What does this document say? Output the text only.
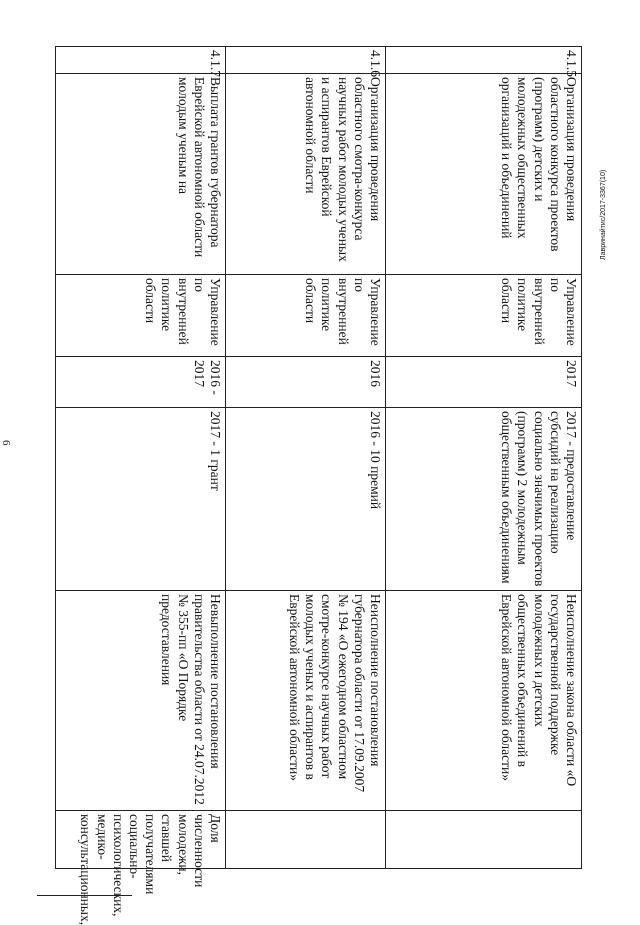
6
Лавринайтис/2017-3367(10)
4.1.5	Организация проведения областного конкурса проектов (программ) детских и молодежных общественных организаций и объединений	Управление по внутренней политике области	2017	2017 - предоставление субсидий на реализацию социально значимых проектов (программ) 2 молодежным общественным объединениям	Неисполнение закона области «О государственной поддержке молодежных и детских общественных объединений в Еврейской автономной области»	
4.1.6	Организация проведения областного смотра-конкурса научных работ молодых ученых и аспирантов Еврейской автономной области	Управление по внутренней политике области	2016	2016 - 10 премий	Неисполнение постановления губернатора области от 17.09.2007 № 194 «О ежегодном областном смотре-конкурсе научных работ молодых ученых и аспирантов в Еврейской автономной области»	
4.1.7	Выплата грантов губернатора Еврейской автономной области молодым ученым на	Управление по внутренней политике области	2016 - 2017	2017 - 1 грант	Невыполнение постановления правительства области от 24.07.2012 № 355-пп «О Порядке предоставления	Доля численности молодежи, ставшей получателями социально-психологических, медико-консультационных,
